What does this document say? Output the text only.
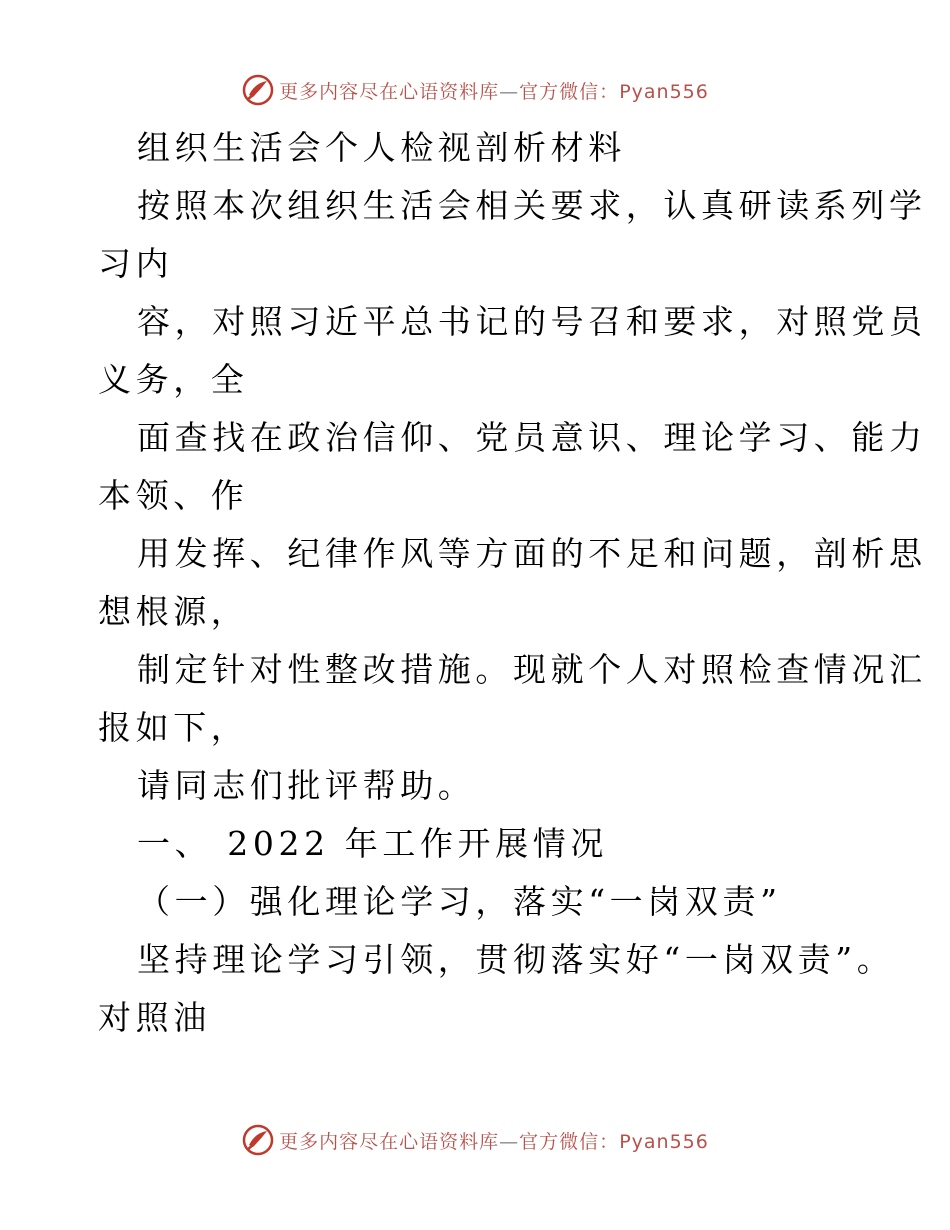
更多内容尽在心语资料库—官方微信：Pyan556
组织生活会个人检视剖析材料
按照本次组织生活会相关要求，认真研读系列学
习内
容，对照习近平总书记的号召和要求，对照党员
义务，全
面查找在政治信仰、党员意识、理论学习、能力
本领、作
用发挥、纪律作风等方面的不足和问题，剖析思
想根源，
制定针对性整改措施。现就个人对照检查情况汇
报如下，
请同志们批评帮助。
一、 2022 年工作开展情况
（一）强化理论学习，落实“一岗双责”
坚持理论学习引领，贯彻落实好“一岗双责”。
对照油
更多内容尽在心语资料库—官方微信：Pyan556
